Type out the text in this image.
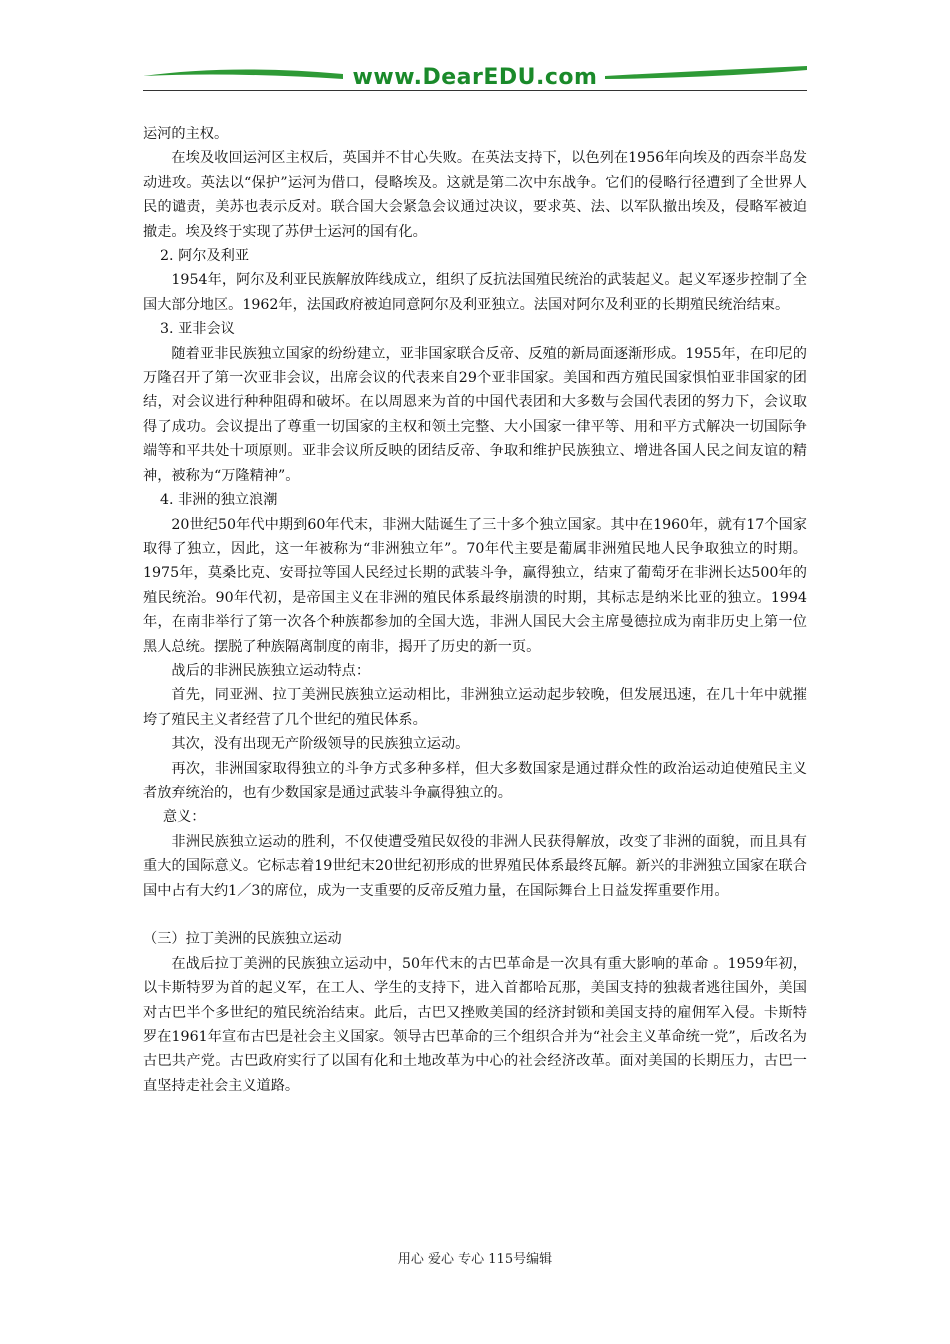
www.DearEDU.com

运河的主权。

在埃及收回运河区主权后，英国并不甘心失败。在英法支持下，以色列在1956年向埃及的西奈半岛发动进攻。英法以“保护”运河为借口，侵略埃及。这就是第二次中东战争。它们的侵略行径遭到了全世界人民的谴责，美苏也表示反对。联合国大会紧急会议通过决议，要求英、法、以军队撤出埃及，侵略军被迫撤走。埃及终于实现了苏伊士运河的国有化。

2. 阿尔及利亚

1954年，阿尔及利亚民族解放阵线成立，组织了反抗法国殖民统治的武装起义。起义军逐步控制了全国大部分地区。1962年，法国政府被迫同意阿尔及利亚独立。法国对阿尔及利亚的长期殖民统治结束。

3. 亚非会议

随着亚非民族独立国家的纷纷建立，亚非国家联合反帝、反殖的新局面逐渐形成。1955年，在印尼的万隆召开了第一次亚非会议，出席会议的代表来自29个亚非国家。美国和西方殖民国家惧怕亚非国家的团结，对会议进行种种阻碍和破坏。在以周恩来为首的中国代表团和大多数与会国代表团的努力下，会议取得了成功。会议提出了尊重一切国家的主权和领土完整、大小国家一律平等、用和平方式解决一切国际争端等和平共处十项原则。亚非会议所反映的团结反帝、争取和维护民族独立、增进各国人民之间友谊的精神，被称为“万隆精神”。

4. 非洲的独立浪潮

20世纪50年代中期到60年代末，非洲大陆诞生了三十多个独立国家。其中在1960年，就有17个国家取得了独立，因此，这一年被称为“非洲独立年”。70年代主要是葡属非洲殖民地人民争取独立的时期。1975年，莫桑比克、安哥拉等国人民经过长期的武装斗争，赢得独立，结束了葡萄牙在非洲长达500年的殖民统治。90年代初，是帝国主义在非洲的殖民体系最终崩溃的时期，其标志是纳米比亚的独立。1994年，在南非举行了第一次各个种族都参加的全国大选，非洲人国民大会主席曼德拉成为南非历史上第一位黑人总统。摆脱了种族隔离制度的南非，揭开了历史的新一页。

战后的非洲民族独立运动特点：

首先，同亚洲、拉丁美洲民族独立运动相比，非洲独立运动起步较晚，但发展迅速，在几十年中就摧垮了殖民主义者经营了几个世纪的殖民体系。

其次，没有出现无产阶级领导的民族独立运动。

再次，非洲国家取得独立的斗争方式多种多样，但大多数国家是通过群众性的政治运动迫使殖民主义者放弃统治的，也有少数国家是通过武装斗争赢得独立的。

意义：

非洲民族独立运动的胜利，不仅使遭受殖民奴役的非洲人民获得解放，改变了非洲的面貌，而且具有重大的国际意义。它标志着19世纪末20世纪初形成的世界殖民体系最终瓦解。新兴的非洲独立国家在联合国中占有大约1／3的席位，成为一支重要的反帝反殖力量，在国际舞台上日益发挥重要作用。

（三）拉丁美洲的民族独立运动

在战后拉丁美洲的民族独立运动中，50年代末的古巴革命是一次具有重大影响的革命 。1959年初，以卡斯特罗为首的起义军，在工人、学生的支持下，进入首都哈瓦那，美国支持的独裁者逃往国外，美国对古巴半个多世纪的殖民统治结束。此后，古巴又挫败美国的经济封锁和美国支持的雇佣军入侵。卡斯特罗在1961年宣布古巴是社会主义国家。领导古巴革命的三个组织合并为“社会主义革命统一党”，后改名为古巴共产党。古巴政府实行了以国有化和土地改革为中心的社会经济改革。面对美国的长期压力，古巴一直坚持走社会主义道路。

用心 爱心 专心 115号编辑
